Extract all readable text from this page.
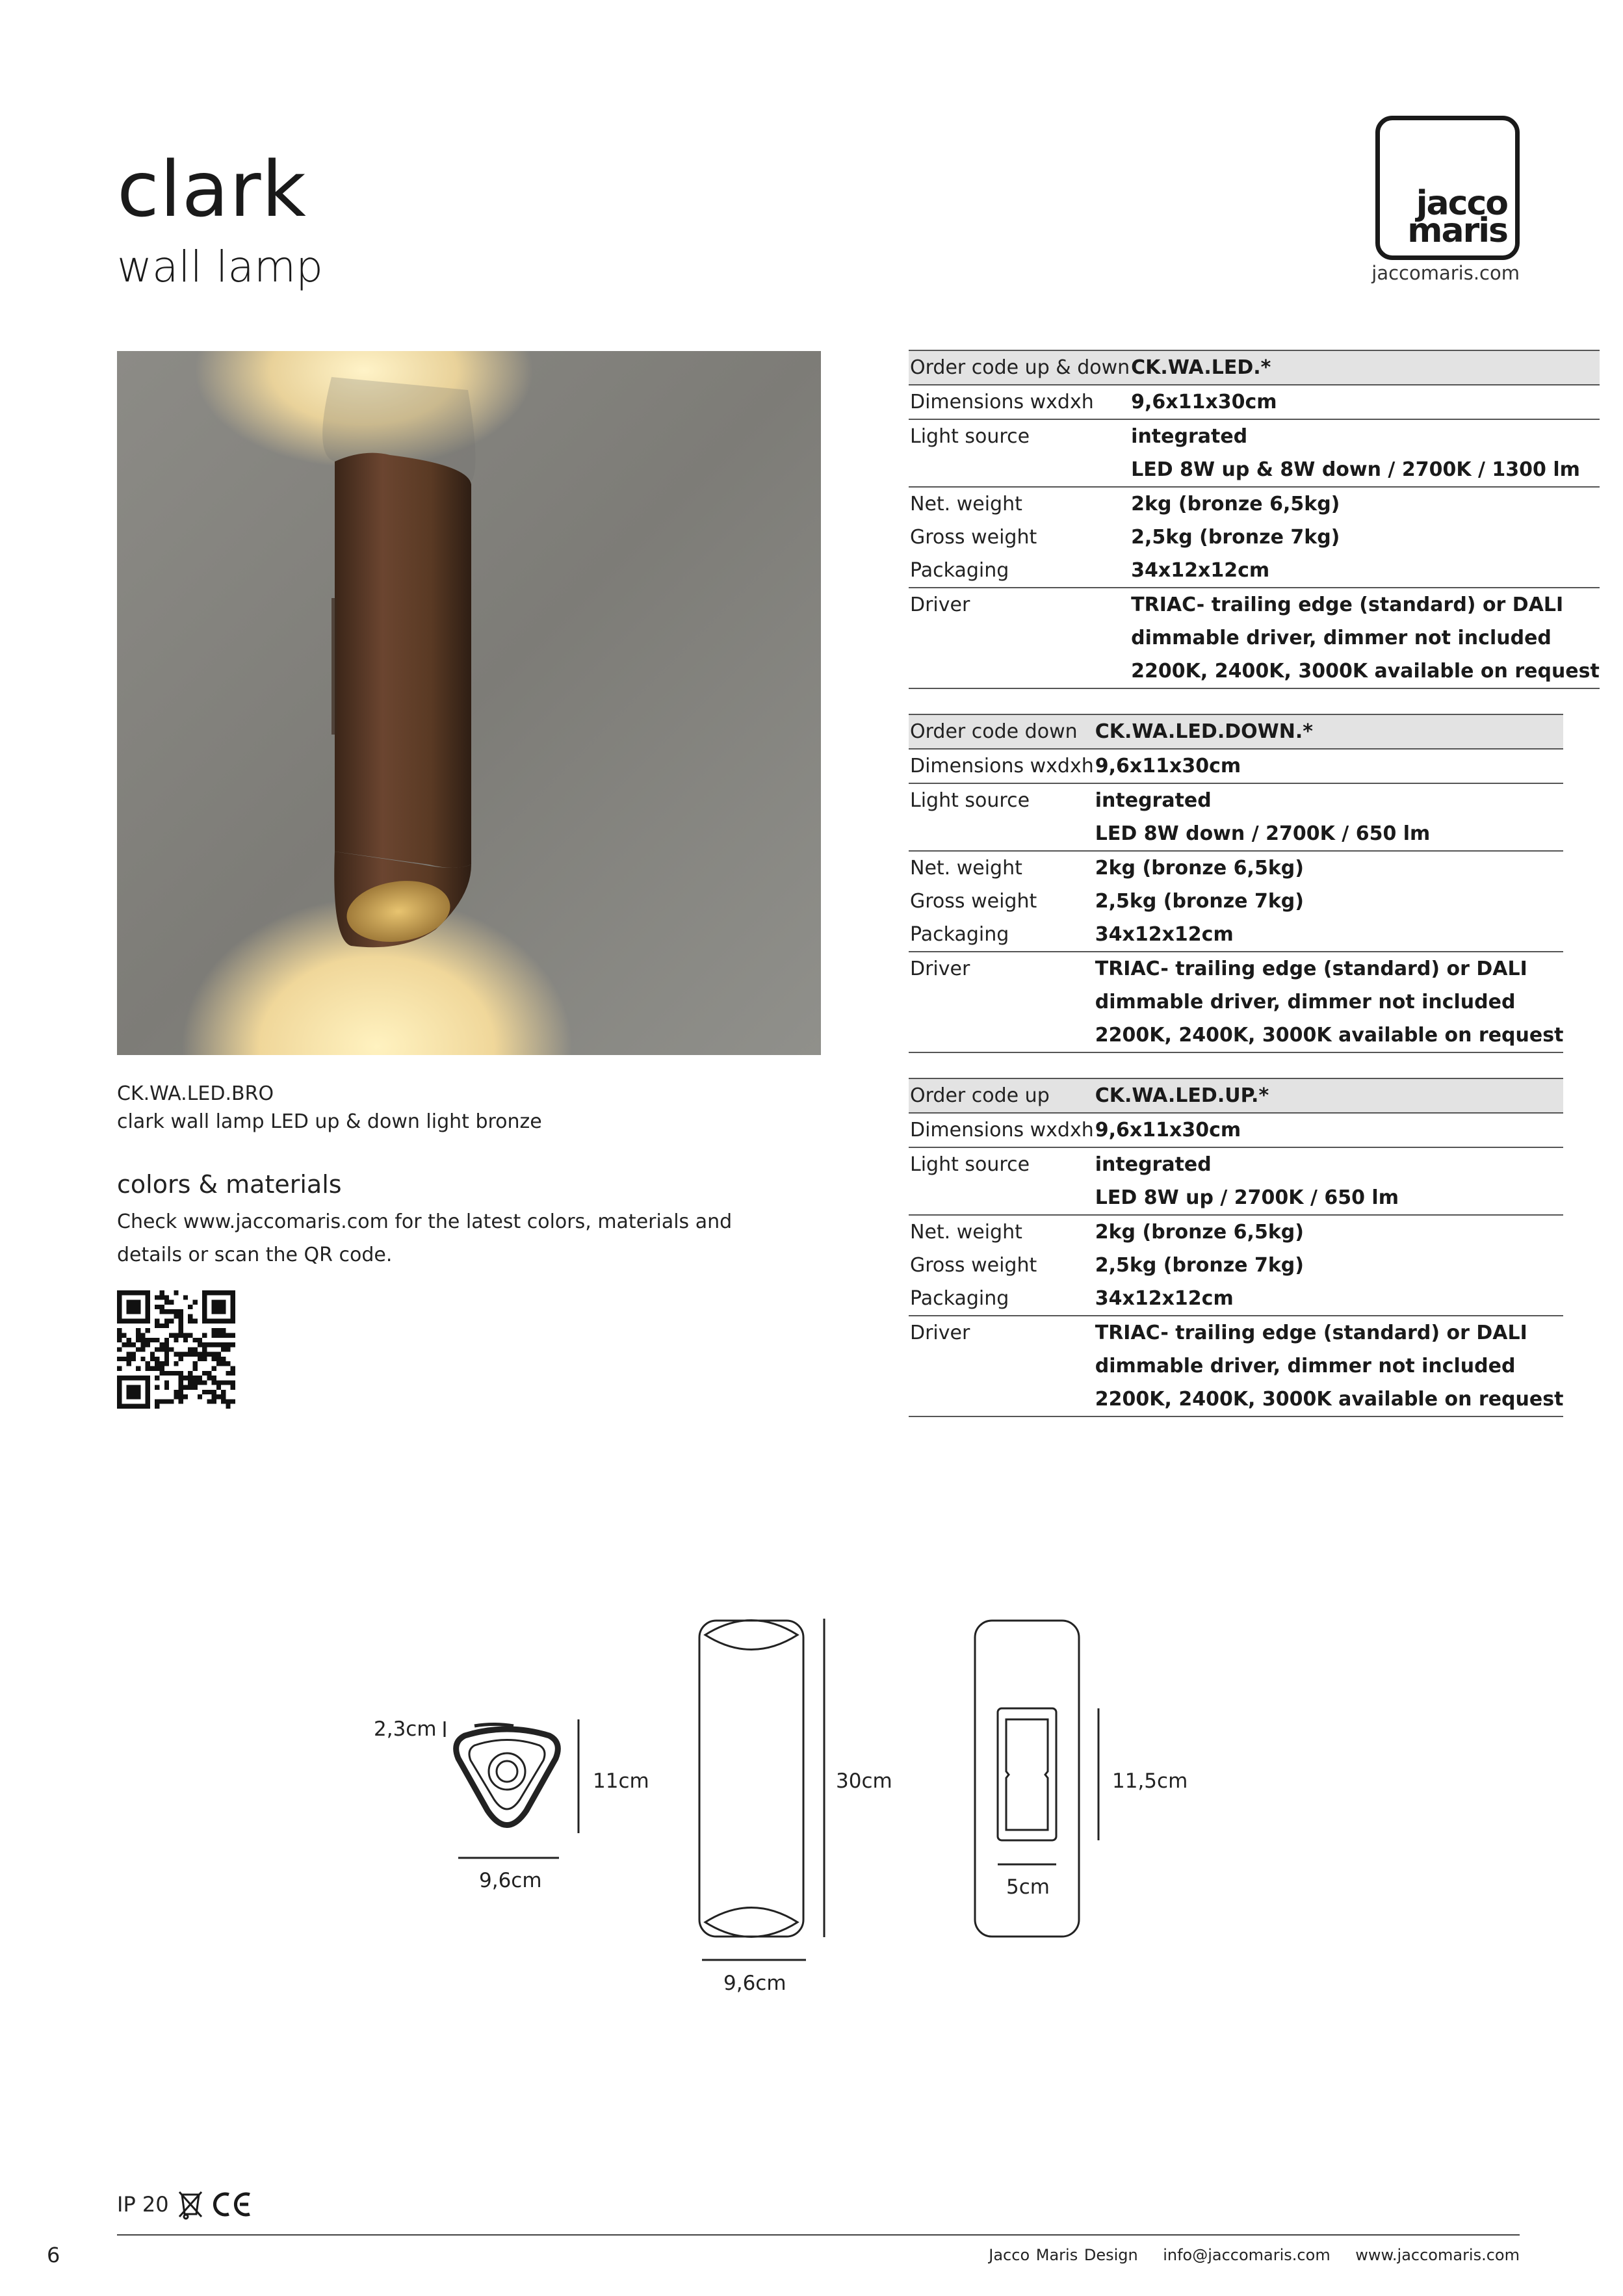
clark
wall lamp
jacco
maris
jaccomaris.com
CK.WA.LED.BRO
clark wall lamp LED up & down light bronze
colors & materials
Check www.jaccomaris.com for the latest colors, materials and details or scan the QR code.
Order code up & down	CK.WA.LED.*
Dimensions wxdxh	9,6x11x30cm
Light source	integrated
	LED 8W up & 8W down / 2700K / 1300 lm
Net. weight	2kg (bronze 6,5kg)
Gross weight	2,5kg (bronze 7kg)
Packaging	34x12x12cm
Driver	TRIAC- trailing edge (standard) or DALI
	dimmable driver, dimmer not included
	2200K, 2400K, 3000K available on request
Order code down	CK.WA.LED.DOWN.*
Dimensions wxdxh	9,6x11x30cm
Light source	integrated
	LED 8W down / 2700K / 650 lm
Net. weight	2kg (bronze 6,5kg)
Gross weight	2,5kg (bronze 7kg)
Packaging	34x12x12cm
Driver	TRIAC- trailing edge (standard) or DALI
	dimmable driver, dimmer not included
	2200K, 2400K, 3000K available on request
Order code up	CK.WA.LED.UP.*
Dimensions wxdxh	9,6x11x30cm
Light source	integrated
	LED 8W up / 2700K / 650 lm
Net. weight	2kg (bronze 6,5kg)
Gross weight	2,5kg (bronze 7kg)
Packaging	34x12x12cm
Driver	TRIAC- trailing edge (standard) or DALI
	dimmable driver, dimmer not included
	2200K, 2400K, 3000K available on request
2,3cm
11cm
9,6cm
30cm
9,6cm
11,5cm
5cm
IP 20
6	Jacco Maris Design info@jaccomaris.com www.jaccomaris.com
